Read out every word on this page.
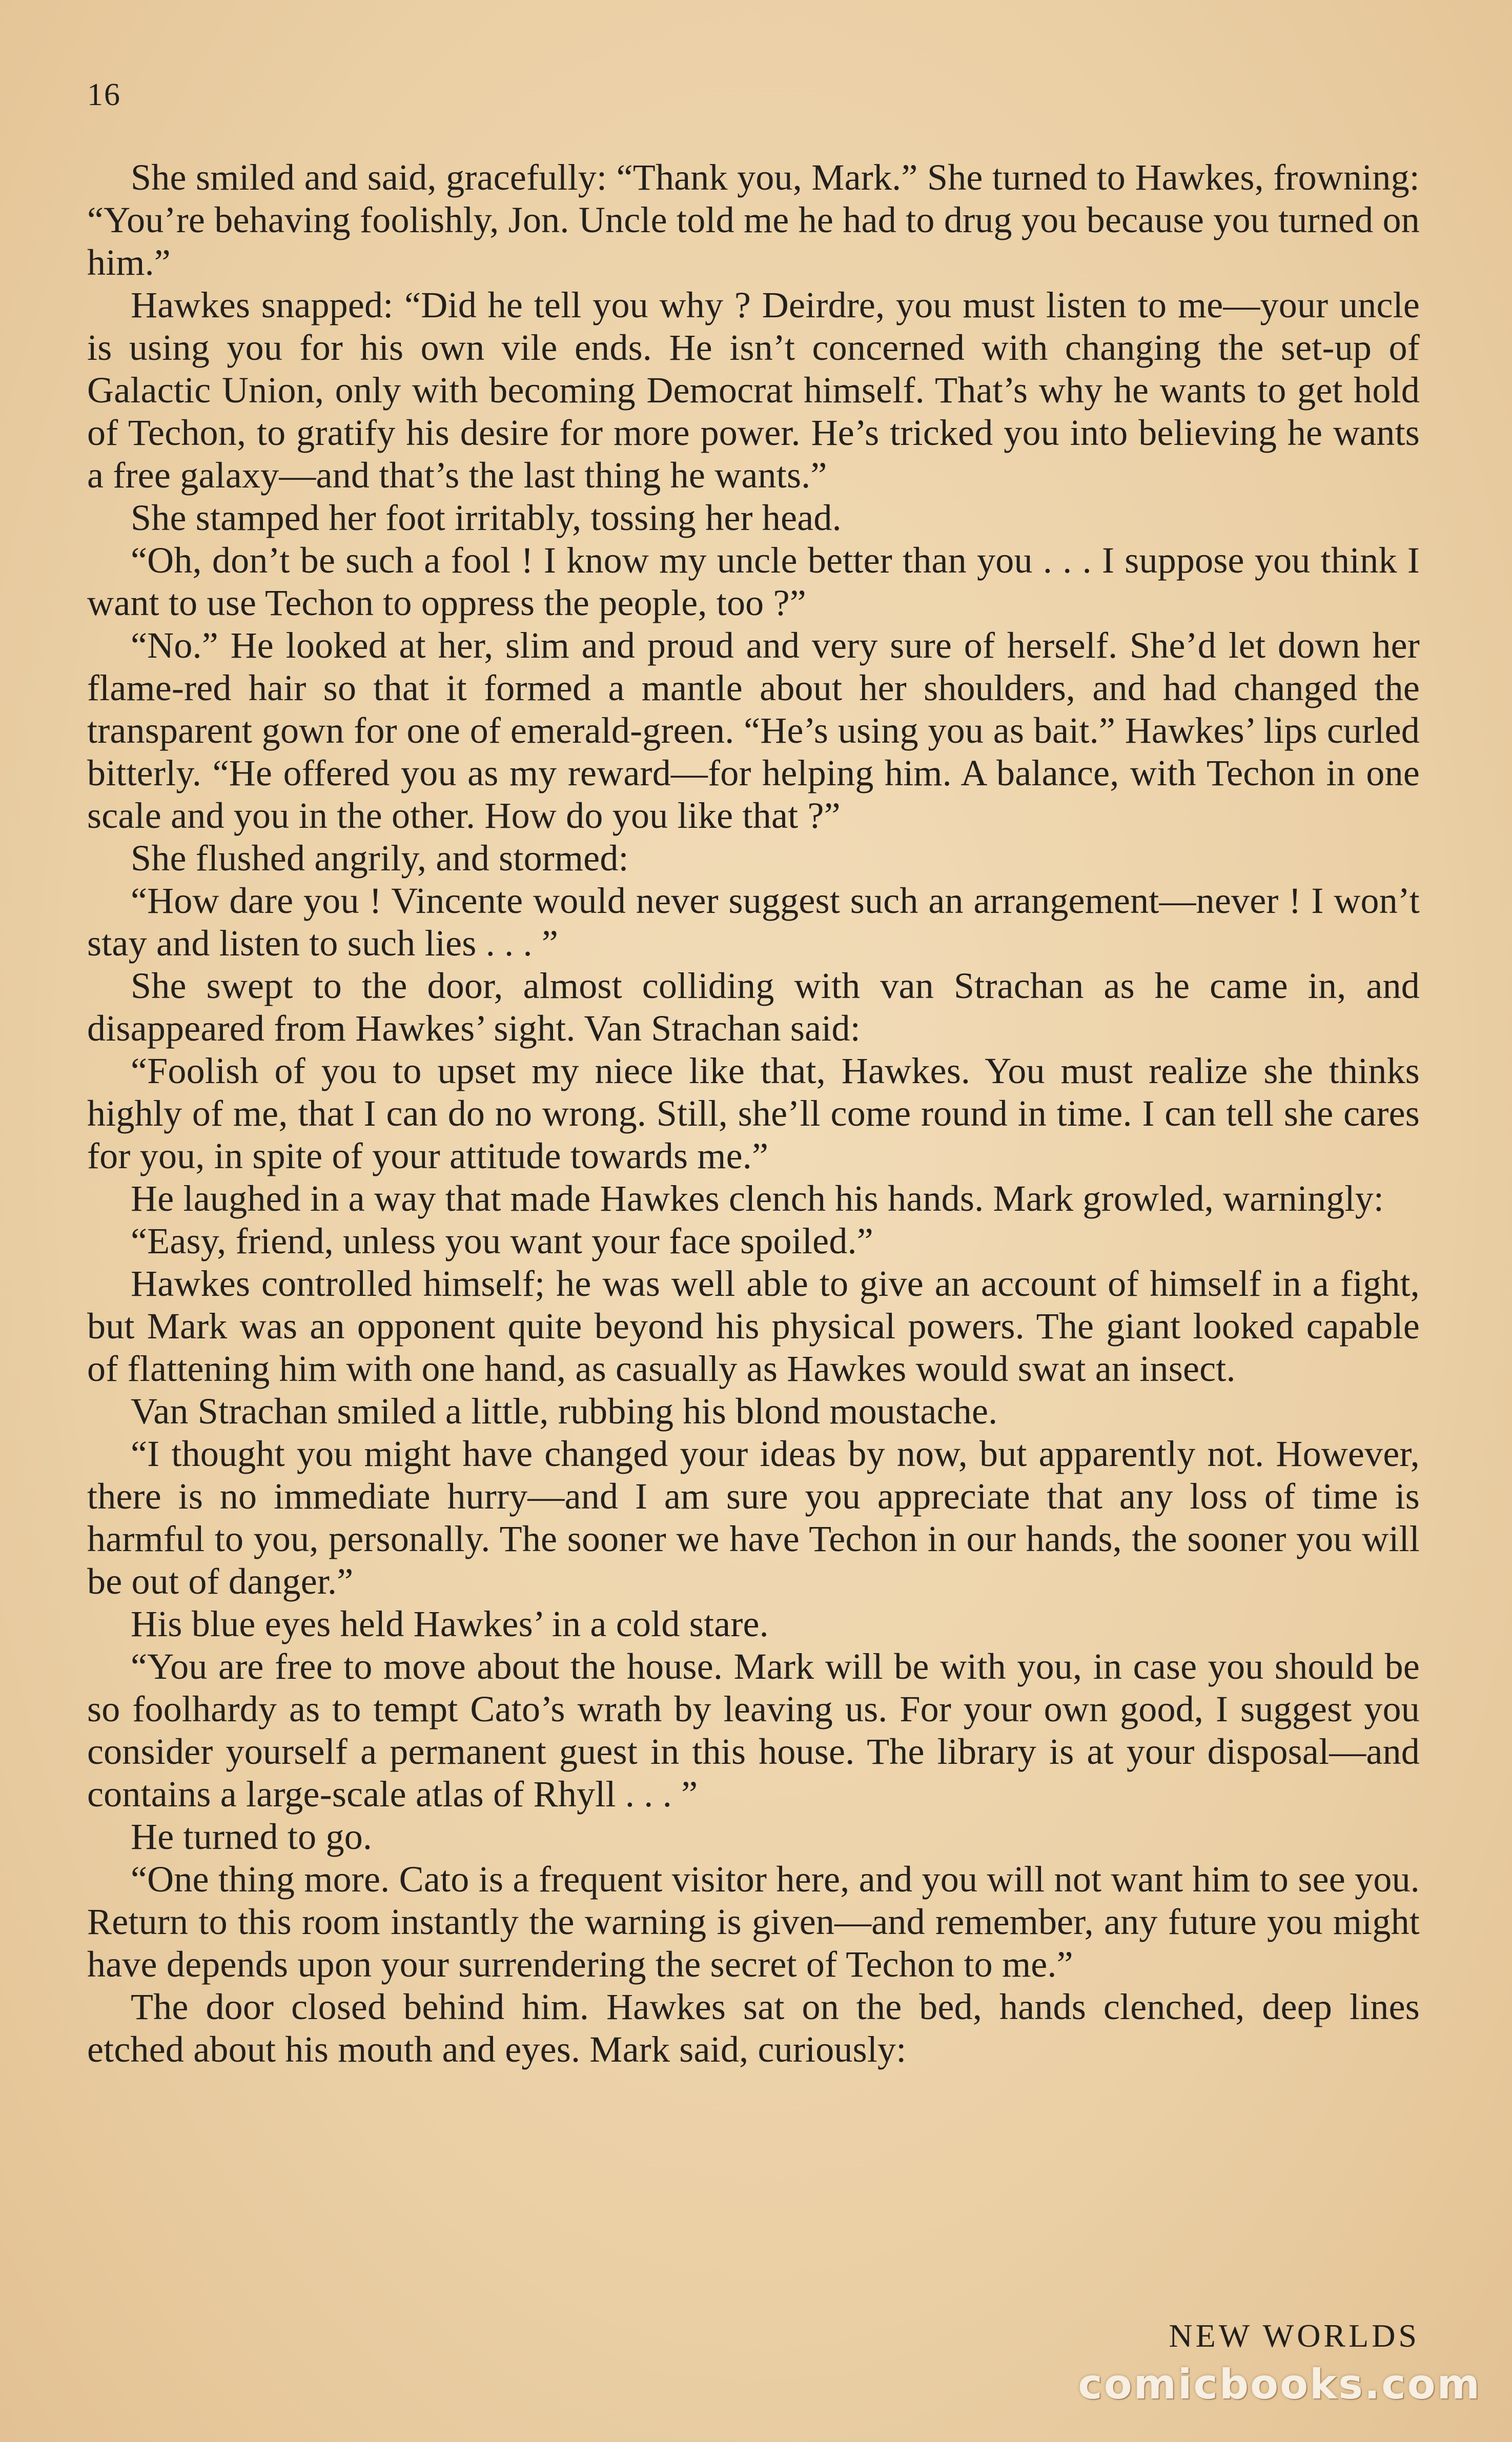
16

She smiled and said, gracefully: “Thank you, Mark.” She turned to Hawkes, frowning: “You’re behaving foolishly, Jon. Uncle told me he had to drug you because you turned on him.”

Hawkes snapped: “Did he tell you why ? Deirdre, you must listen to me—your uncle is using you for his own vile ends. He isn’t concerned with changing the set-up of Galactic Union, only with becoming Democrat himself. That’s why he wants to get hold of Techon, to gratify his desire for more power. He’s tricked you into believing he wants a free galaxy—and that’s the last thing he wants.”

She stamped her foot irritably, tossing her head.

“Oh, don’t be such a fool ! I know my uncle better than you . . . I suppose you think I want to use Techon to oppress the people, too ?”

“No.” He looked at her, slim and proud and very sure of herself. She’d let down her flame-red hair so that it formed a mantle about her shoulders, and had changed the transparent gown for one of emerald-green. “He’s using you as bait.” Hawkes’ lips curled bitterly. “He offered you as my reward—for helping him. A balance, with Techon in one scale and you in the other. How do you like that ?”

She flushed angrily, and stormed:

“How dare you ! Vincente would never suggest such an arrangement—never ! I won’t stay and listen to such lies . . . ”

She swept to the door, almost colliding with van Strachan as he came in, and disappeared from Hawkes’ sight. Van Strachan said:

“Foolish of you to upset my niece like that, Hawkes. You must realize she thinks highly of me, that I can do no wrong. Still, she’ll come round in time. I can tell she cares for you, in spite of your attitude towards me.”

He laughed in a way that made Hawkes clench his hands. Mark growled, warningly:

“Easy, friend, unless you want your face spoiled.”

Hawkes controlled himself; he was well able to give an account of himself in a fight, but Mark was an opponent quite beyond his physical powers. The giant looked capable of flattening him with one hand, as casually as Hawkes would swat an insect.

Van Strachan smiled a little, rubbing his blond moustache.

“I thought you might have changed your ideas by now, but apparently not. However, there is no immediate hurry—and I am sure you appreciate that any loss of time is harmful to you, personally. The sooner we have Techon in our hands, the sooner you will be out of danger.”

His blue eyes held Hawkes’ in a cold stare.

“You are free to move about the house. Mark will be with you, in case you should be so foolhardy as to tempt Cato’s wrath by leaving us. For your own good, I suggest you consider yourself a permanent guest in this house. The library is at your disposal—and contains a large-scale atlas of Rhyll . . . ”

He turned to go.

“One thing more. Cato is a frequent visitor here, and you will not want him to see you. Return to this room instantly the warning is given—and remember, any future you might have depends upon your surrendering the secret of Techon to me.”

The door closed behind him. Hawkes sat on the bed, hands clenched, deep lines etched about his mouth and eyes. Mark said, curiously:

NEW WORLDS
comicbooks.com
